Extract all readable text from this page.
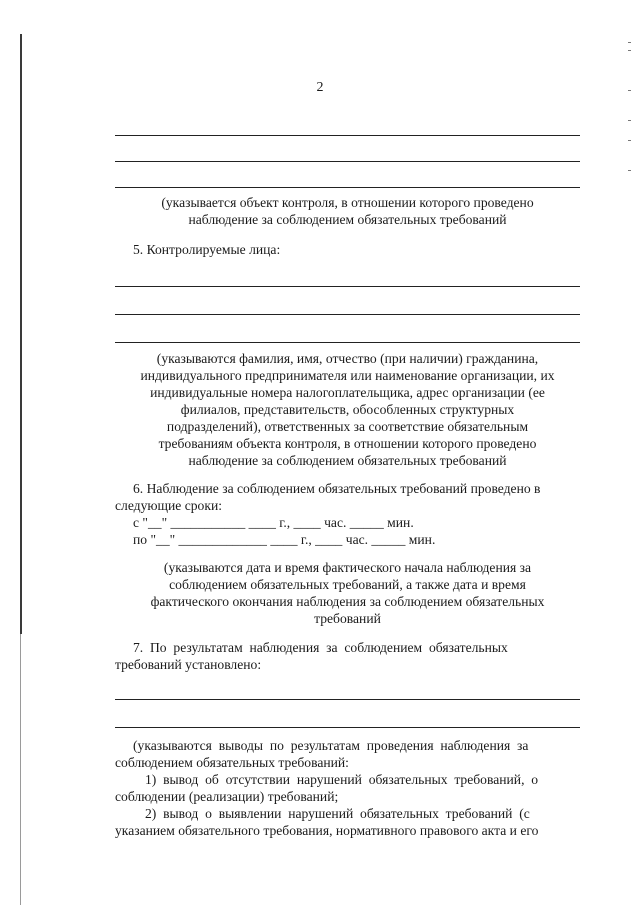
2

(указывается объект контроля, в отношении которого проведено

наблюдение за соблюдением обязательных требований

5. Контролируемые лица:

(указываются фамилия, имя, отчество (при наличии) гражданина,

индивидуального предпринимателя или наименование организации, их

индивидуальные номера налогоплательщика, адрес организации (ее

филиалов, представительств, обособленных структурных

подразделений), ответственных за соответствие обязательным

требованиям объекта контроля, в отношении которого проведено

наблюдение за соблюдением обязательных требований

6. Наблюдение за соблюдением обязательных требований проведено в

следующие сроки:

с "__" ___________ ____ г., ____ час. _____ мин.

по "__" _____________ ____ г., ____ час. _____ мин.

(указываются дата и время фактического начала наблюдения за

соблюдением обязательных требований, а также дата и время

фактического окончания наблюдения за соблюдением обязательных

требований

7.  По  результатам  наблюдения  за  соблюдением  обязательных

требований установлено:

(указываются  выводы  по  результатам  проведения  наблюдения  за

соблюдением обязательных требований:

1)  вывод  об  отсутствии  нарушений  обязательных  требований,  о

соблюдении (реализации) требований;

2)  вывод  о  выявлении  нарушений  обязательных  требований  (с

указанием обязательного требования, нормативного правового акта и его
